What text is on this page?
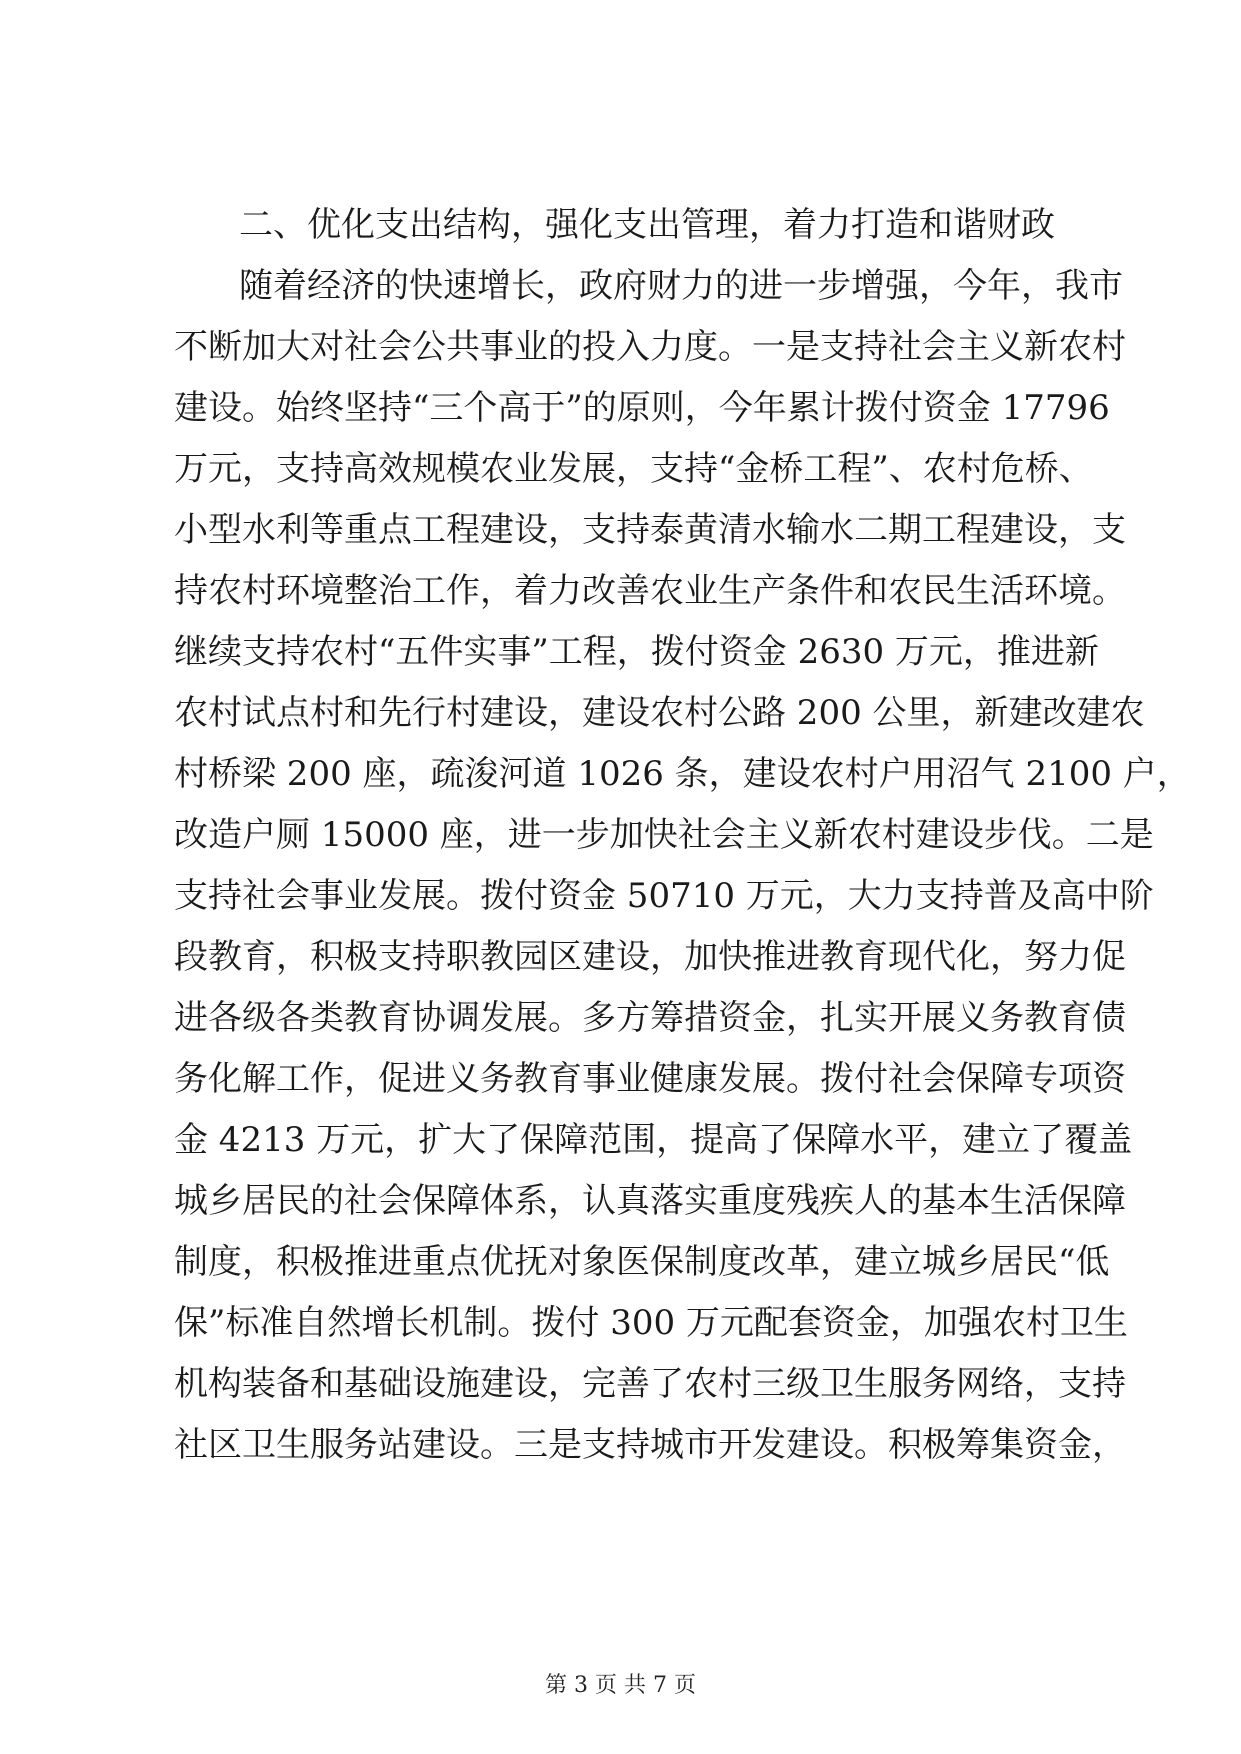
二、优化支出结构，强化支出管理，着力打造和谐财政
随着经济的快速增长，政府财力的进一步增强，今年，我市
不断加大对社会公共事业的投入力度。一是支持社会主义新农村
建设。始终坚持“三个高于”的原则，今年累计拨付资金 17796
万元，支持高效规模农业发展，支持“金桥工程”、农村危桥、
小型水利等重点工程建设，支持泰黄清水输水二期工程建设，支
持农村环境整治工作，着力改善农业生产条件和农民生活环境。
继续支持农村“五件实事”工程，拨付资金 2630 万元，推进新
农村试点村和先行村建设，建设农村公路 200 公里，新建改建农
村桥梁 200 座，疏浚河道 1026 条，建设农村户用沼气 2100 户，
改造户厕 15000 座，进一步加快社会主义新农村建设步伐。二是
支持社会事业发展。拨付资金 50710 万元，大力支持普及高中阶
段教育，积极支持职教园区建设，加快推进教育现代化，努力促
进各级各类教育协调发展。多方筹措资金，扎实开展义务教育债
务化解工作，促进义务教育事业健康发展。拨付社会保障专项资
金 4213 万元，扩大了保障范围，提高了保障水平，建立了覆盖
城乡居民的社会保障体系，认真落实重度残疾人的基本生活保障
制度，积极推进重点优抚对象医保制度改革，建立城乡居民“低
保”标准自然增长机制。拨付 300 万元配套资金，加强农村卫生
机构装备和基础设施建设，完善了农村三级卫生服务网络，支持
社区卫生服务站建设。三是支持城市开发建设。积极筹集资金，
第 3 页 共 7 页
